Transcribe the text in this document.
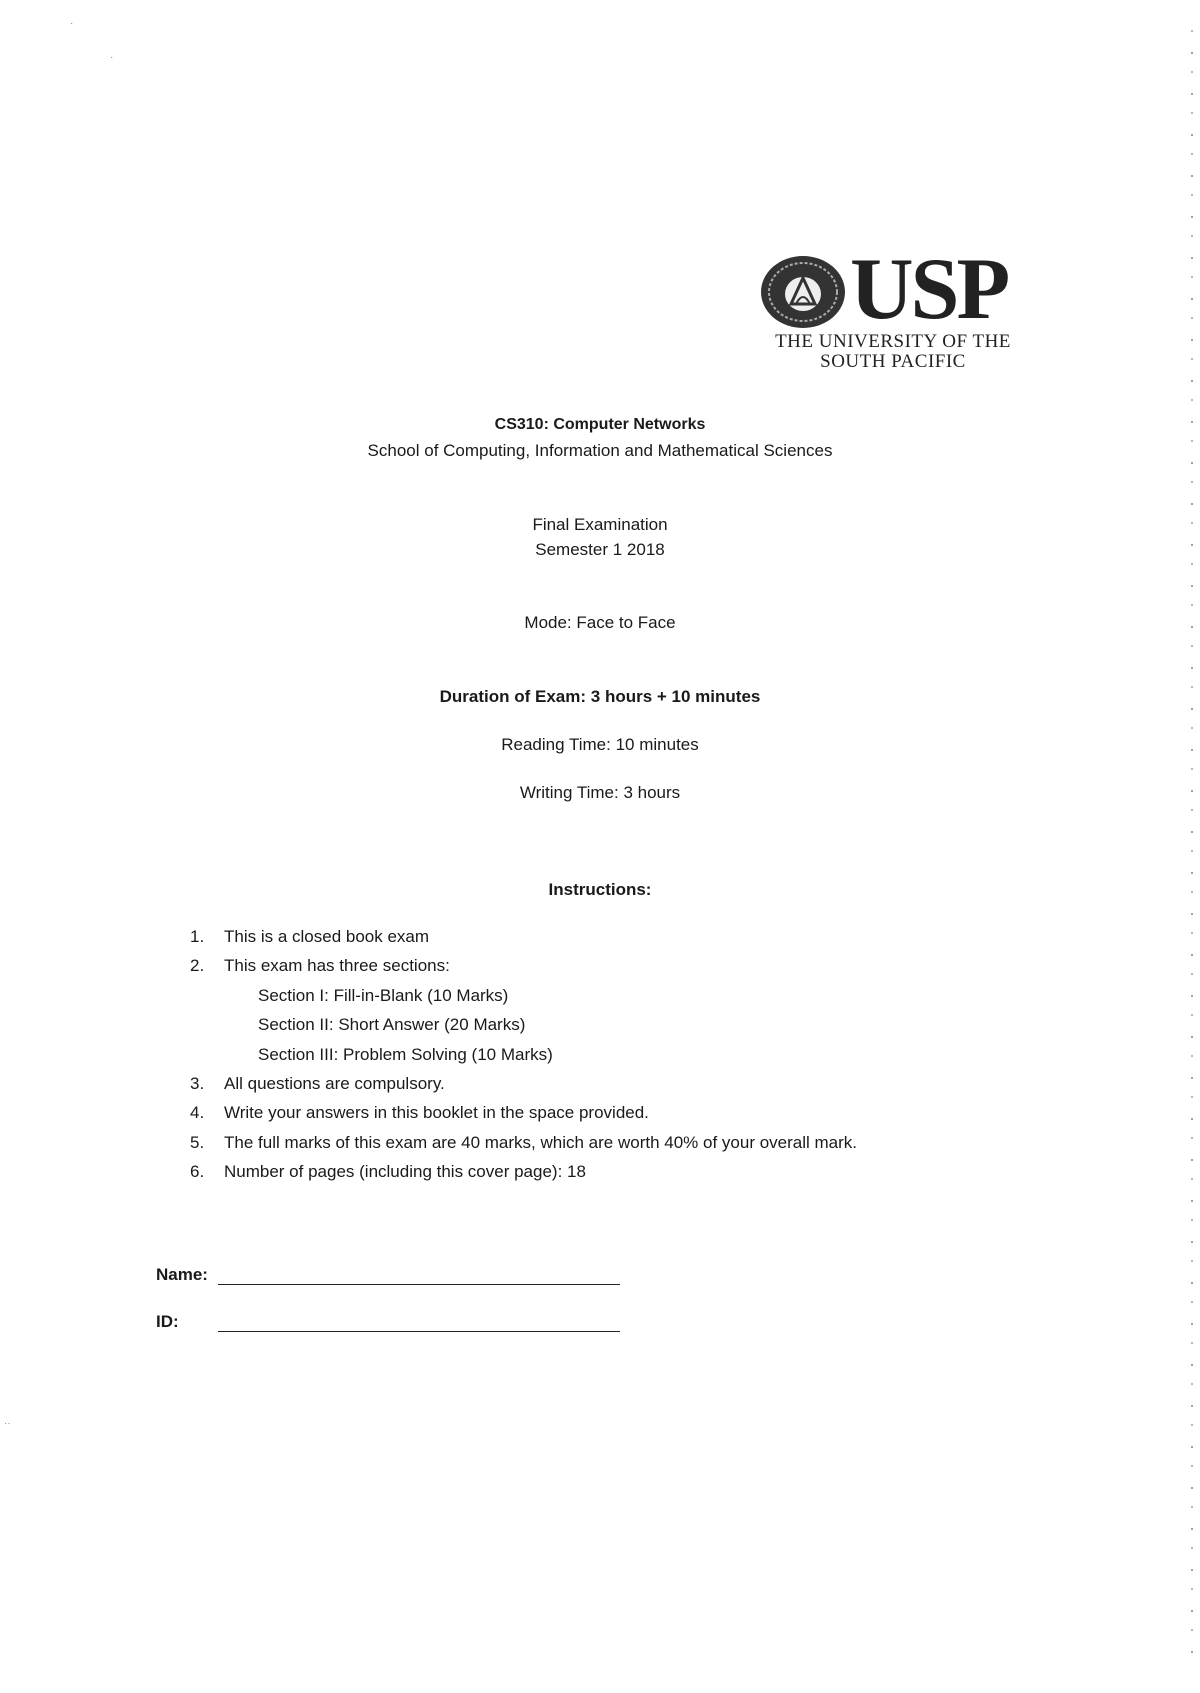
·
·
··
USP
THE UNIVERSITY OF THE
SOUTH PACIFIC
CS310: Computer Networks
School of Computing, Information and Mathematical Sciences
Final Examination
Semester 1 2018
Mode: Face to Face
Duration of Exam: 3 hours + 10 minutes
Reading Time: 10 minutes
Writing Time: 3 hours
Instructions:
1. This is a closed book exam
2. This exam has three sections:
Section I: Fill-in-Blank (10 Marks)
Section II: Short Answer (20 Marks)
Section III: Problem Solving (10 Marks)
3. All questions are compulsory.
4. Write your answers in this booklet in the space provided.
5. The full marks of this exam are 40 marks, which are worth 40% of your overall mark.
6. Number of pages (including this cover page): 18
Name:
ID:
